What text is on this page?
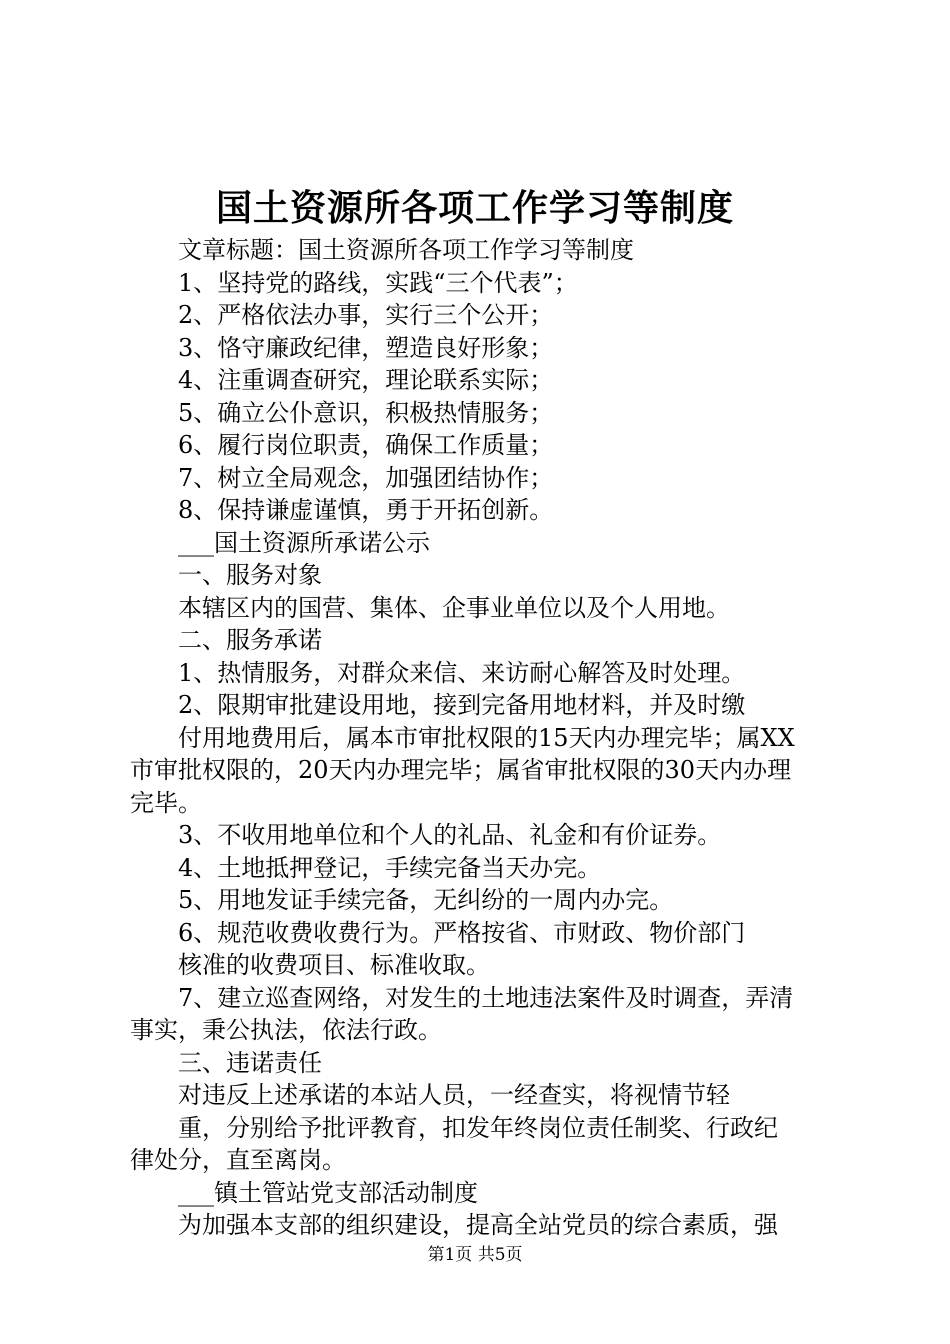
国土资源所各项工作学习等制度
文章标题：国土资源所各项工作学习等制度
1、坚持党的路线，实践“三个代表”；
2、严格依法办事，实行三个公开；
3、恪守廉政纪律，塑造良好形象；
4、注重调查研究，理论联系实际；
5、确立公仆意识，积极热情服务；
6、履行岗位职责，确保工作质量；
7、树立全局观念，加强团结协作；
8、保持谦虚谨慎，勇于开拓创新。
___国土资源所承诺公示
一、服务对象
本辖区内的国营、集体、企事业单位以及个人用地。
二、服务承诺
1、热情服务，对群众来信、来访耐心解答及时处理。
2、限期审批建设用地，接到完备用地材料，并及时缴
付用地费用后，属本市审批权限的15天内办理完毕；属XX
市审批权限的，20天内办理完毕；属省审批权限的30天内办理
完毕。
3、不收用地单位和个人的礼品、礼金和有价证券。
4、土地抵押登记，手续完备当天办完。
5、用地发证手续完备，无纠纷的一周内办完。
6、规范收费收费行为。严格按省、市财政、物价部门
核准的收费项目、标准收取。
7、建立巡查网络，对发生的土地违法案件及时调查，弄清
事实，秉公执法，依法行政。
三、违诺责任
对违反上述承诺的本站人员，一经查实，将视情节轻
重，分别给予批评教育，扣发年终岗位责任制奖、行政纪
律处分，直至离岗。
___镇土管站党支部活动制度
为加强本支部的组织建设，提高全站党员的综合素质，强
第1页 共5页
